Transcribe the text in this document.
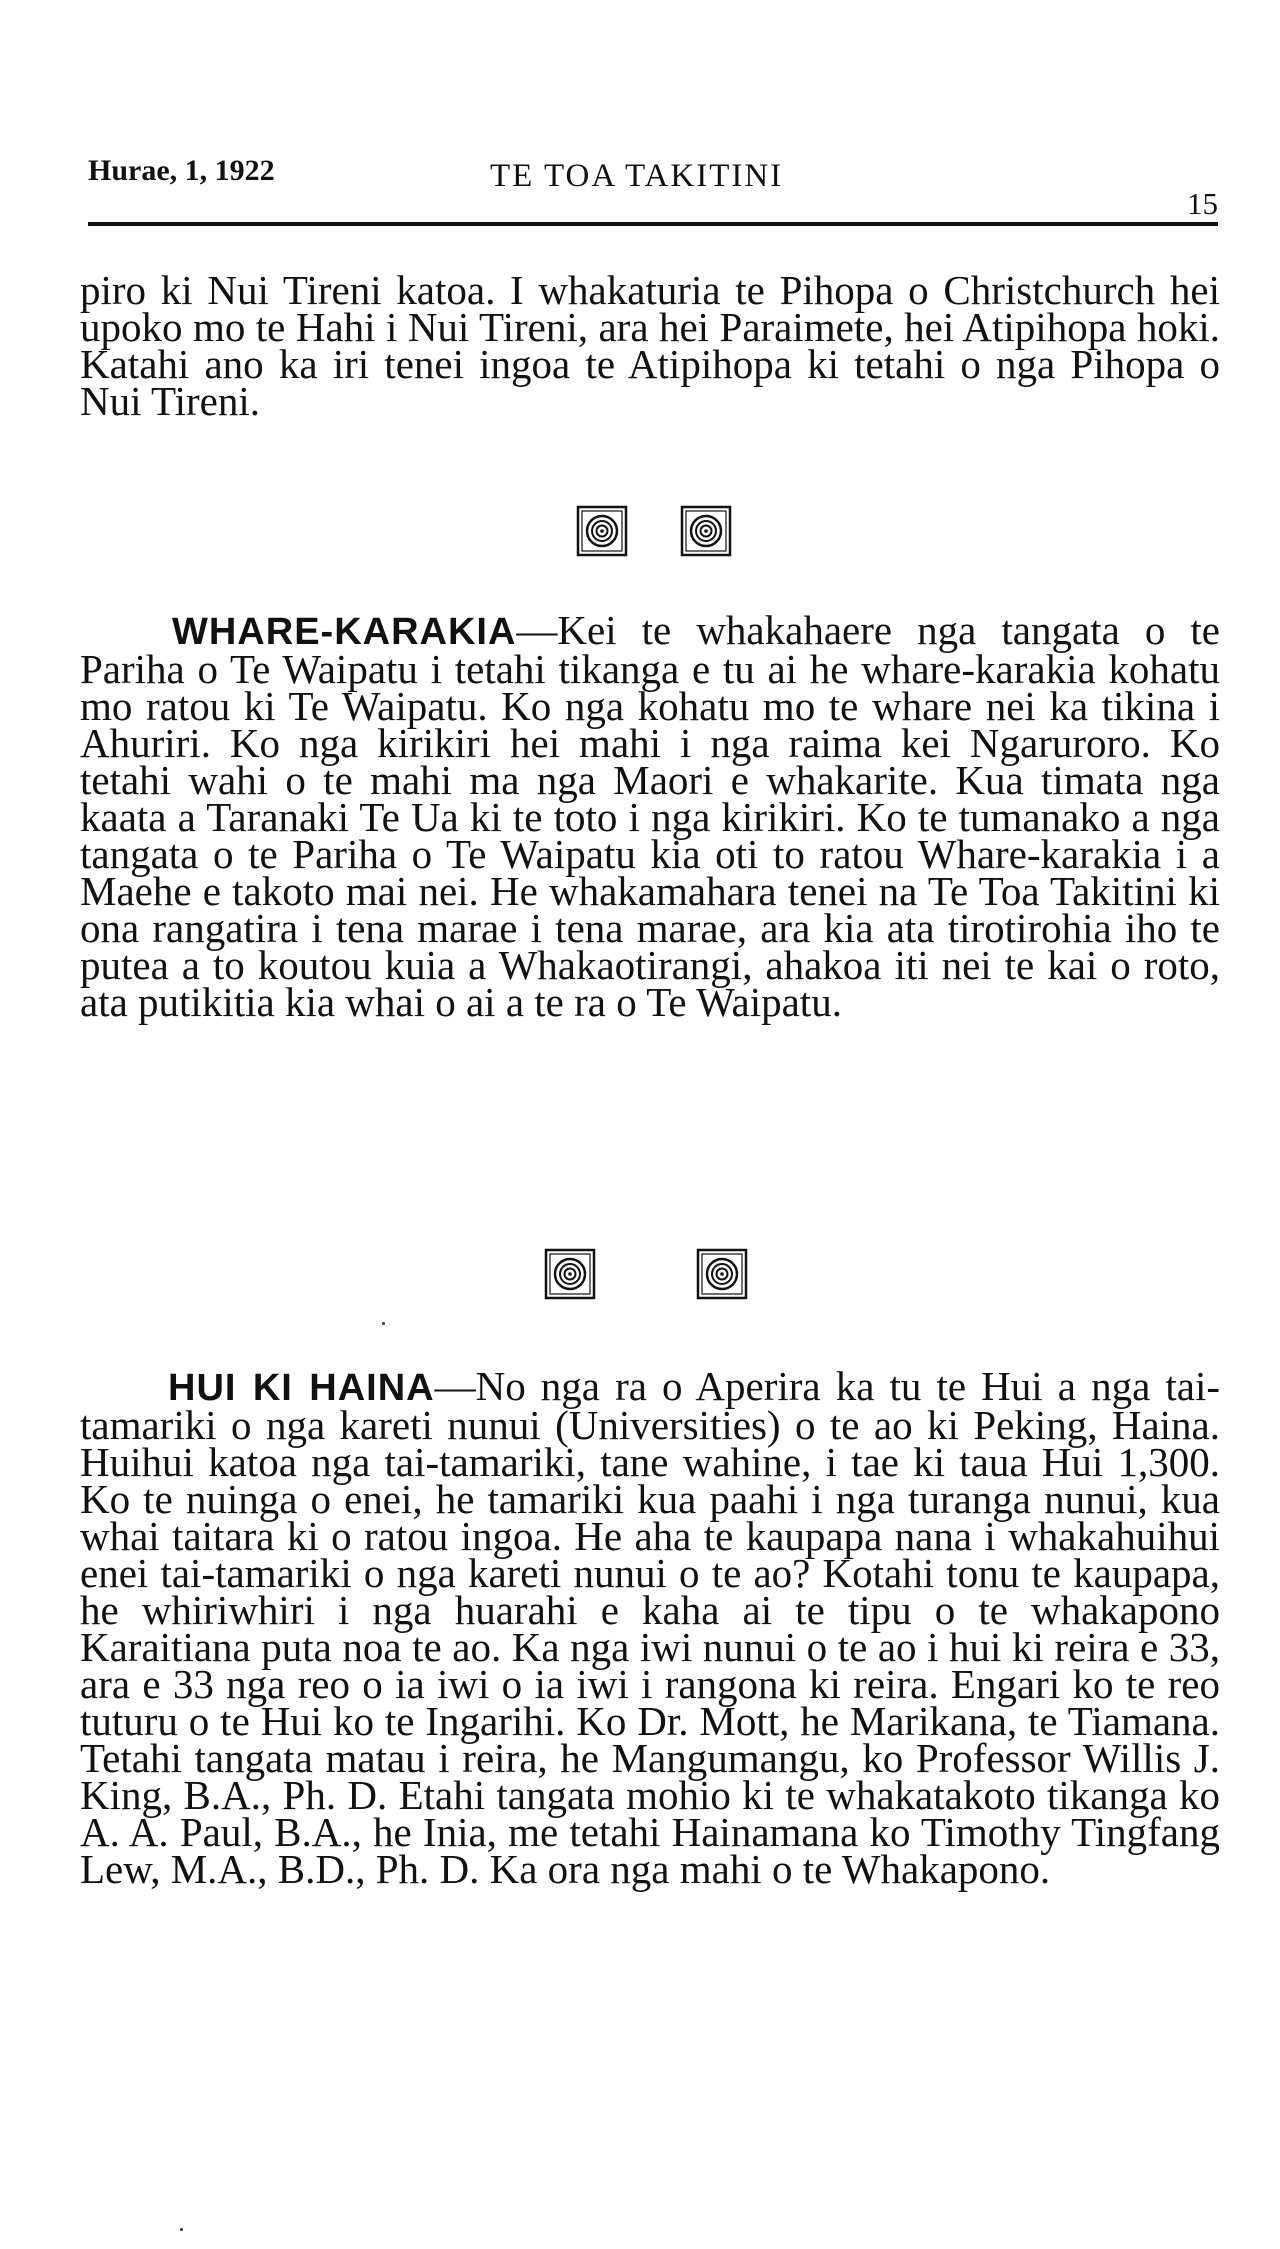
Hurae, 1, 1922	TE TOA TAKITINI
15

piro ki Nui Tireni katoa. I whakaturia te Pihopa o Christchurch hei upoko mo te Hahi i Nui Tireni, ara hei Paraimete, hei Atipihopa hoki. Katahi ano ka iri tenei ingoa te Atipihopa ki tetahi o nga Pihopa o Nui Tireni.

WHARE-KARAKIA—Kei te whakahaere nga tangata o te Pariha o Te Waipatu i tetahi tikanga e tu ai he whare-karakia kohatu mo ratou ki Te Waipatu. Ko nga kohatu mo te whare nei ka tikina i Ahuriri. Ko nga kirikiri hei mahi i nga raima kei Ngaruroro. Ko tetahi wahi o te mahi ma nga Maori e whakarite. Kua timata nga kaata a Taranaki Te Ua ki te toto i nga kirikiri. Ko te tumanako a nga tangata o te Pariha o Te Waipatu kia oti to ratou Whare-karakia i a Maehe e takoto mai nei. He whakamahara tenei na Te Toa Takitini ki ona rangatira i tena marae i tena marae, ara kia ata tirotirohia iho te putea a to koutou kuia a Whakaotirangi, ahakoa iti nei te kai o roto, ata putikitia kia whai o ai a te ra o Te Waipatu.

HUI KI HAINA—No nga ra o Aperira ka tu te Hui a nga tai-tamariki o nga kareti nunui (Universities) o te ao ki Peking, Haina. Huihui katoa nga tai-tamariki, tane wahine, i tae ki taua Hui 1,300. Ko te nuinga o enei, he tamariki kua paahi i nga turanga nunui, kua whai taitara ki o ratou ingoa. He aha te kaupapa nana i whakahuihui enei tai-tamariki o nga kareti nunui o te ao? Kotahi tonu te kaupapa, he whiriwhiri i nga huarahi e kaha ai te tipu o te whakapono Karaitiana puta noa te ao. Ka nga iwi nunui o te ao i hui ki reira e 33, ara e 33 nga reo o ia iwi o ia iwi i rangona ki reira. Engari ko te reo tuturu o te Hui ko te Ingarihi. Ko Dr. Mott, he Marikana, te Tiamana. Tetahi tangata matau i reira, he Mangumangu, ko Professor Willis J. King, B.A., Ph. D. Etahi tangata mohio ki te whakatakoto tikanga ko A. A. Paul, B.A., he Inia, me tetahi Hainamana ko Timothy Tingfang Lew, M.A., B.D., Ph. D. Ka ora nga mahi o te Whakapono.
